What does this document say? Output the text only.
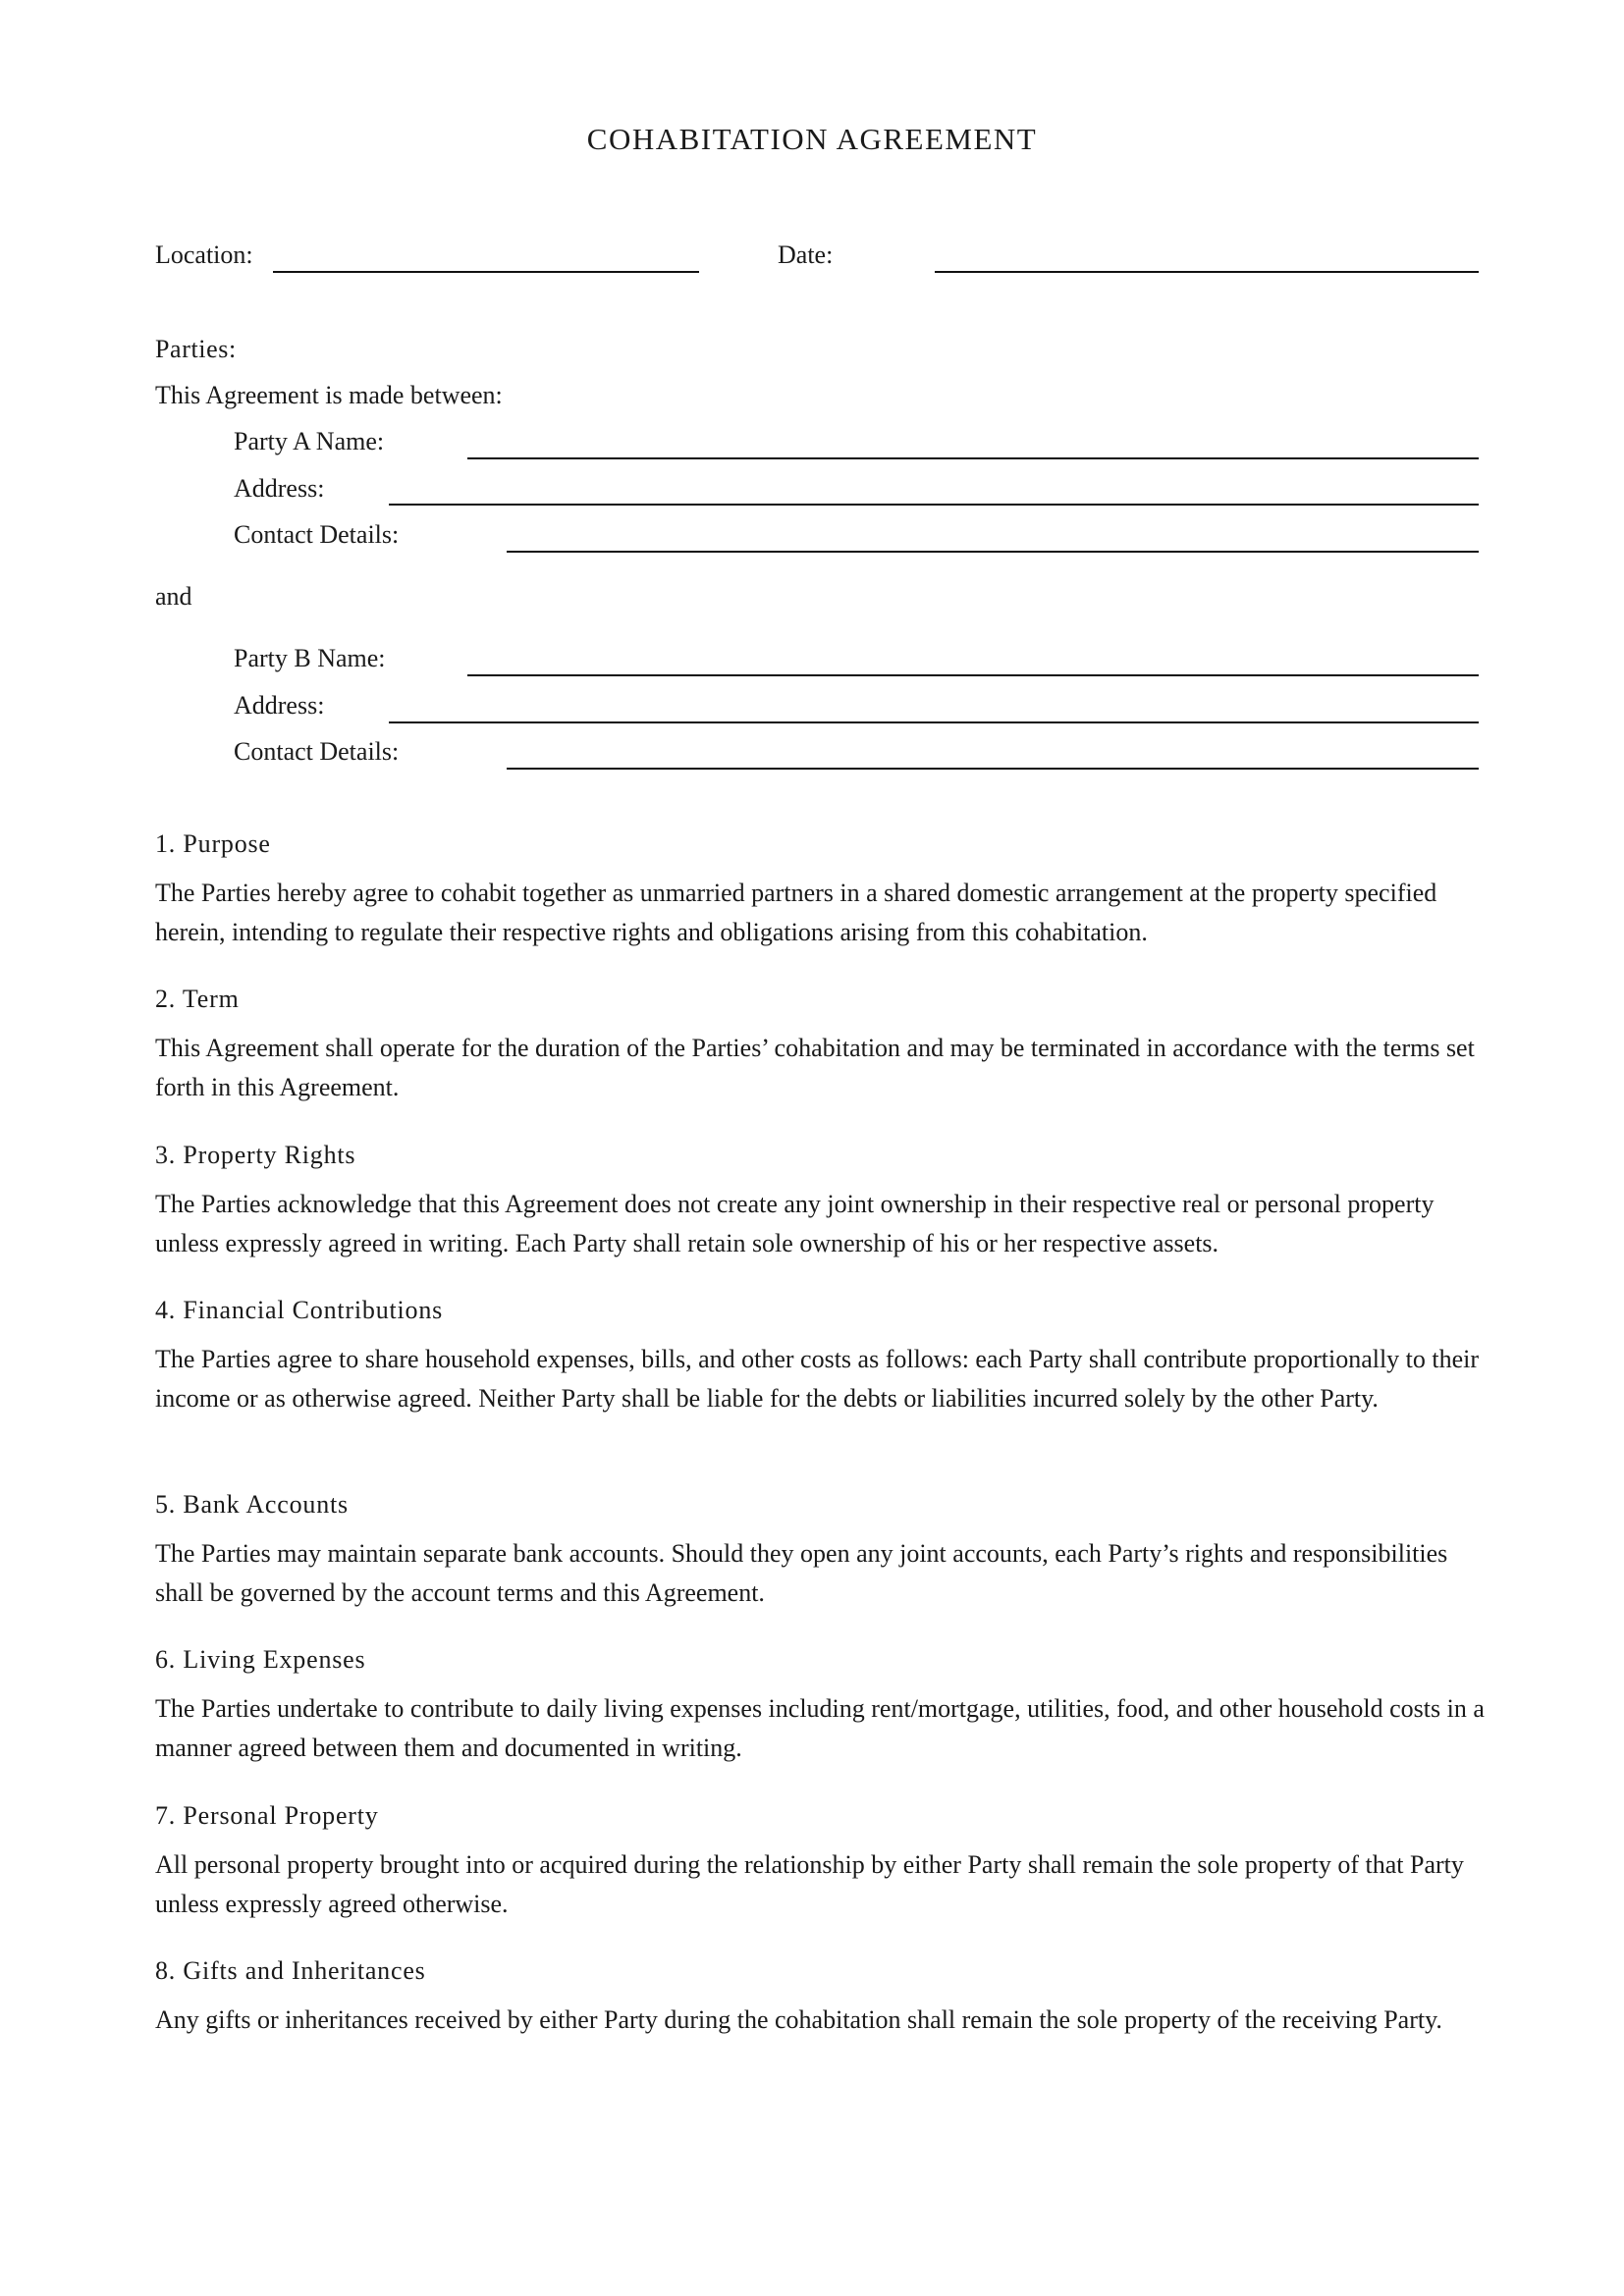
COHABITATION AGREEMENT
Location:	Date:
Parties:
This Agreement is made between:
Party A Name:
Address:
Contact Details:
and
Party B Name:
Address:
Contact Details:
1. Purpose
The Parties hereby agree to cohabit together as unmarried partners in a shared domestic arrangement at the property specified herein, intending to regulate their respective rights and obligations arising from this cohabitation.
2. Term
This Agreement shall operate for the duration of the Parties’ cohabitation and may be terminated in accordance with the terms set forth in this Agreement.
3. Property Rights
The Parties acknowledge that this Agreement does not create any joint ownership in their respective real or personal property unless expressly agreed in writing. Each Party shall retain sole ownership of his or her respective assets.
4. Financial Contributions
The Parties agree to share household expenses, bills, and other costs as follows: each Party shall contribute proportionally to their income or as otherwise agreed. Neither Party shall be liable for the debts or liabilities incurred solely by the other Party.
5. Bank Accounts
The Parties may maintain separate bank accounts. Should they open any joint accounts, each Party’s rights and responsibilities shall be governed by the account terms and this Agreement.
6. Living Expenses
The Parties undertake to contribute to daily living expenses including rent/mortgage, utilities, food, and other household costs in a manner agreed between them and documented in writing.
7. Personal Property
All personal property brought into or acquired during the relationship by either Party shall remain the sole property of that Party unless expressly agreed otherwise.
8. Gifts and Inheritances
Any gifts or inheritances received by either Party during the cohabitation shall remain the sole property of the receiving Party.
